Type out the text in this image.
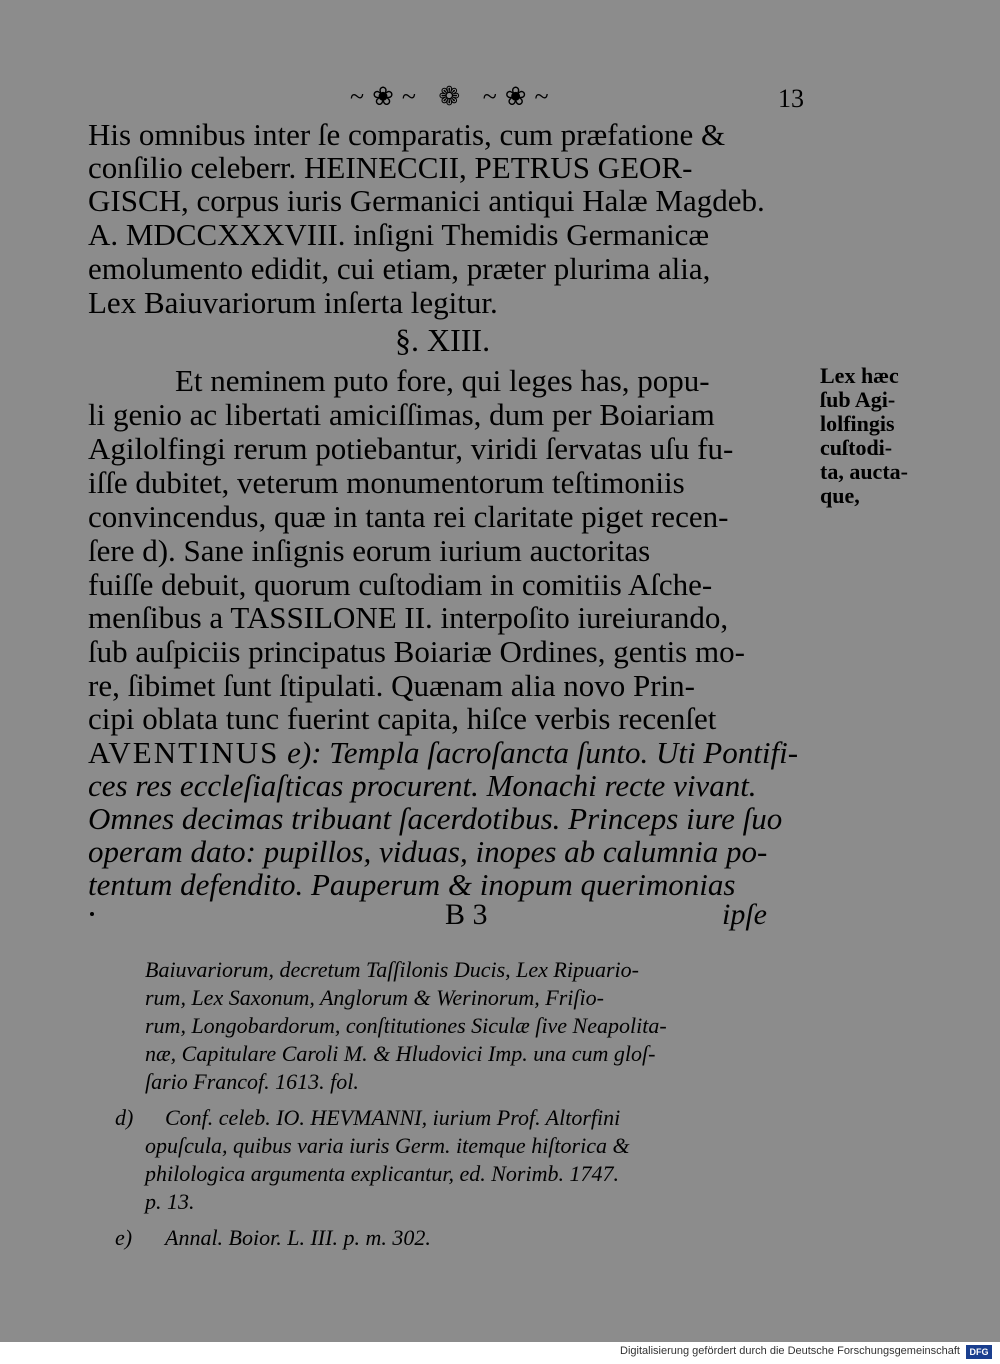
~❀~ ❁ ~❀~	13
His omnibus inter ſe comparatis, cum præfatione &
conſilio celeberr. HEINECCII, PETRUS GEOR-
GISCH, corpus iuris Germanici antiqui Halæ Magdeb.
A. MDCCXXXVIII. inſigni Themidis Germanicæ
emolumento edidit, cui etiam, præter plurima alia,
Lex Baiuvariorum inſerta legitur.
§. XIII.
Et neminem puto fore, qui leges has, popu-
li genio ac libertati amiciſſimas, dum per Boiariam
Agilolfingi rerum potiebantur, viridi ſervatas uſu fu-
iſſe dubitet, veterum monumentorum teſtimoniis
convincendus, quæ in tanta rei claritate piget recen-
ſere d). Sane inſignis eorum iurium auctoritas
fuiſſe debuit, quorum cuſtodiam in comitiis Aſche-
menſibus a TASSILONE II. interpoſito iureiurando,
ſub auſpiciis principatus Boiariæ Ordines, gentis mo-
re, ſibimet ſunt ſtipulati. Quænam alia novo Prin-
cipi oblata tunc fuerint capita, hiſce verbis recenſet
AVENTINUS e): Templa ſacroſancta ſunto. Uti Pontifi-
ces res eccleſiaſticas procurent. Monachi recte vivant.
Omnes decimas tribuant ſacerdotibus. Princeps iure ſuo
operam dato: pupillos, viduas, inopes ab calumnia po-
tentum defendito. Pauperum & inopum querimonias
Lex hæc
ſub Agi-
lolfingis
cuſtodi-
ta, aucta-
que,
B 3	ipſe
Baiuvariorum, decretum Taſſilonis Ducis, Lex Ripuario-
rum, Lex Saxonum, Anglorum & Werinorum, Friſio-
rum, Longobardorum, conſtitutiones Siculæ ſive Neapolita-
næ, Capitulare Caroli M. & Hludovici Imp. una cum gloſ-
ſario Francof. 1613. fol.
d) Conf. celeb. IO. HEVMANNI, iurium Prof. Altorfini
opuſcula, quibus varia iuris Germ. itemque hiſtorica &
philologica argumenta explicantur, ed. Norimb. 1747.
p. 13.
e) Annal. Boior. L. III. p. m. 302.
Digitalisierung gefördert durch die Deutsche Forschungsgemeinschaft	DFG
